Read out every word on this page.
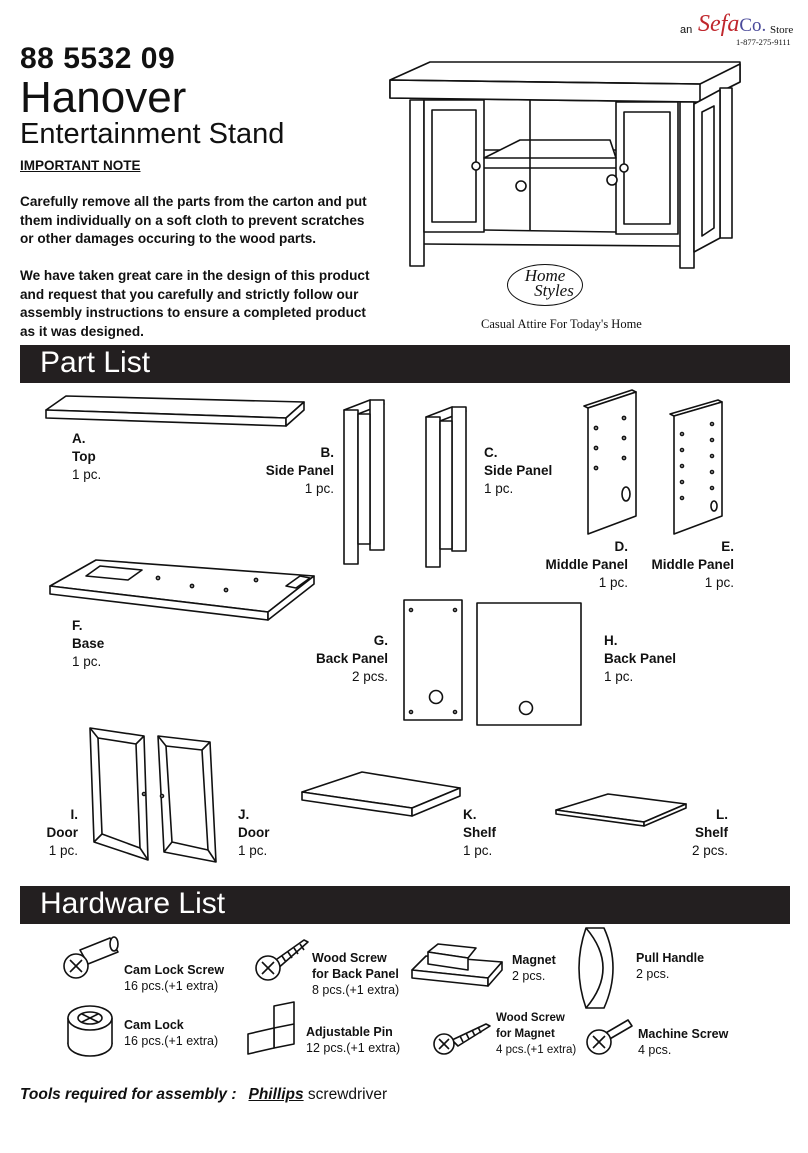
an SefaCo. Store
1-877-275-9111
88 5532 09
Hanover
Entertainment Stand
IMPORTANT NOTE
Carefully remove all the parts from the carton and put them individually on a soft cloth to prevent scratches or other damages occuring to the wood parts.
We have taken great care in the design of this product and request that you carefully and strictly follow our assembly instructions to ensure a completed product as it was designed.
Home
Styles
Casual Attire For Today's Home
Part List
A.
Top
1 pc.
B.
Side Panel
1 pc.
C.
Side Panel
1 pc.
D.
Middle Panel
1 pc.
E.
Middle Panel
1 pc.
F.
Base
1 pc.
G.
Back Panel
2 pcs.
H.
Back Panel
1 pc.
I.
Door
1 pc.
J.
Door
1 pc.
K.
Shelf
1 pc.
L.
Shelf
2 pcs.
Hardware List
Cam Lock Screw
16 pcs.(+1 extra)
Wood Screw
for Back Panel
8 pcs.(+1 extra)
Magnet
2 pcs.
Pull Handle
2 pcs.
Cam Lock
16 pcs.(+1 extra)
Adjustable Pin
12 pcs.(+1 extra)
Wood Screw
for Magnet
4 pcs.(+1 extra)
Machine Screw
4 pcs.
Tools required for assembly : Phillips screwdriver
